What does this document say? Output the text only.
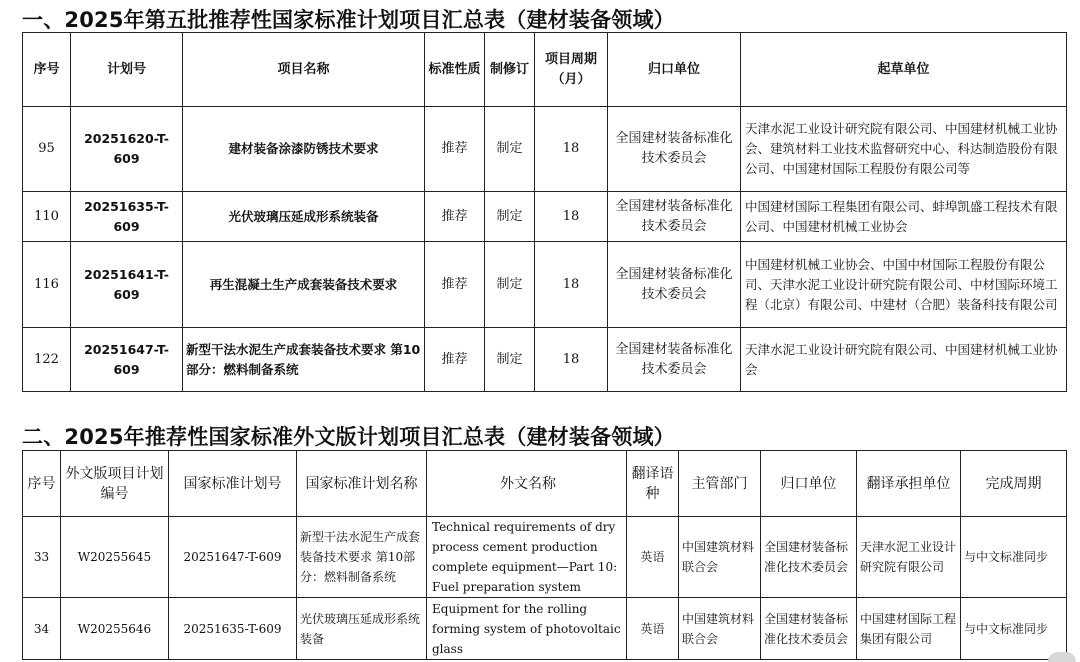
一、2025年第五批推荐性国家标准计划项目汇总表（建材装备领域）
序号	计划号	项目名称	标准性质	制修订	项目周期（月）	归口单位	起草单位
95	20251620-T-609	建材装备涂漆防锈技术要求	推荐	制定	18	全国建材装备标准化技术委员会	天津水泥工业设计研究院有限公司、中国建材机械工业协会、建筑材料工业技术监督研究中心、科达制造股份有限公司、中国建材国际工程股份有限公司等
110	20251635-T-609	光伏玻璃压延成形系统装备	推荐	制定	18	全国建材装备标准化技术委员会	中国建材国际工程集团有限公司、蚌埠凯盛工程技术有限公司、中国建材机械工业协会
116	20251641-T-609	再生混凝土生产成套装备技术要求	推荐	制定	18	全国建材装备标准化技术委员会	中国建材机械工业协会、中国中材国际工程股份有限公司、天津水泥工业设计研究院有限公司、中材国际环境工程（北京）有限公司、中建材（合肥）装备科技有限公司
122	20251647-T-609	新型干法水泥生产成套装备技术要求 第10部分：燃料制备系统	推荐	制定	18	全国建材装备标准化技术委员会	天津水泥工业设计研究院有限公司、中国建材机械工业协会
二、2025年推荐性国家标准外文版计划项目汇总表（建材装备领域）
序号	外文版项目计划编号	国家标准计划号	国家标准计划名称	外文名称	翻译语种	主管部门	归口单位	翻译承担单位	完成周期
33	W20255645	20251647-T-609	新型干法水泥生产成套装备技术要求 第10部分：燃料制备系统	Technical requirements of dry process cement production complete equipment—Part 10: Fuel preparation system	英语	中国建筑材料联合会	全国建材装备标准化技术委员会	天津水泥工业设计研究院有限公司	与中文标准同步
34	W20255646	20251635-T-609	光伏玻璃压延成形系统装备	Equipment for the rolling forming system of photovoltaic glass	英语	中国建筑材料联合会	全国建材装备标准化技术委员会	中国建材国际工程集团有限公司	与中文标准同步
